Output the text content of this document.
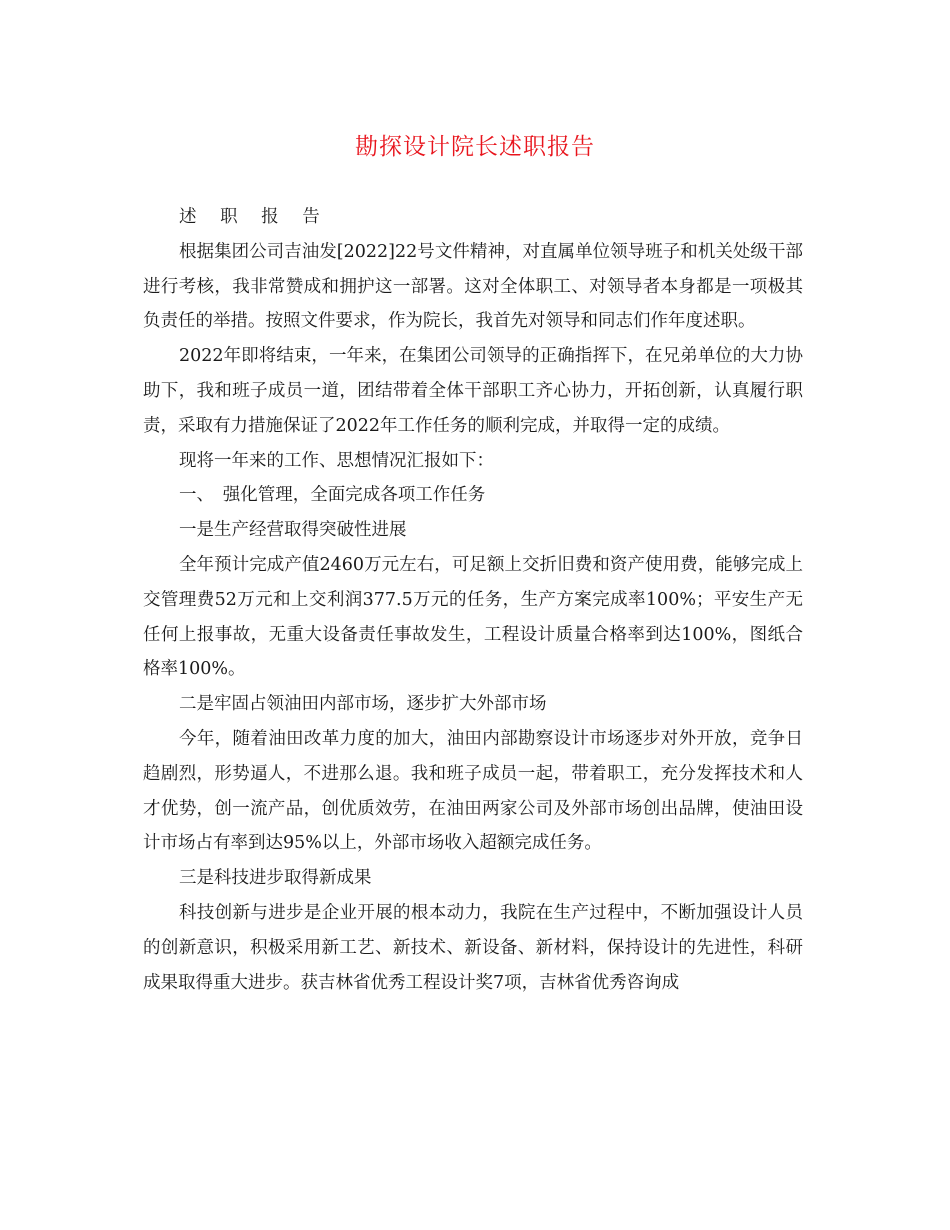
勘探设计院长述职报告

述 职 报 告

根据集团公司吉油发[2022]22号文件精神，对直属单位领导班子和机关处级干部进行考核，我非常赞成和拥护这一部署。这对全体职工、对领导者本身都是一项极其负责任的举措。按照文件要求，作为院长，我首先对领导和同志们作年度述职。

2022年即将结束，一年来，在集团公司领导的正确指挥下，在兄弟单位的大力协助下，我和班子成员一道，团结带着全体干部职工齐心协力，开拓创新，认真履行职责，采取有力措施保证了2022年工作任务的顺利完成，并取得一定的成绩。

现将一年来的工作、思想情况汇报如下：

一、　强化管理，全面完成各项工作任务

一是生产经营取得突破性进展

全年预计完成产值2460万元左右，可足额上交折旧费和资产使用费，能够完成上交管理费52万元和上交利润377.5万元的任务，生产方案完成率100%；平安生产无任何上报事故，无重大设备责任事故发生，工程设计质量合格率到达100%，图纸合格率100%。

二是牢固占领油田内部市场，逐步扩大外部市场

今年，随着油田改革力度的加大，油田内部勘察设计市场逐步对外开放，竞争日趋剧烈，形势逼人，不进那么退。我和班子成员一起，带着职工，充分发挥技术和人才优势，创一流产品，创优质效劳，在油田两家公司及外部市场创出品牌，使油田设计市场占有率到达95%以上，外部市场收入超额完成任务。

三是科技进步取得新成果

科技创新与进步是企业开展的根本动力，我院在生产过程中，不断加强设计人员的创新意识，积极采用新工艺、新技术、新设备、新材料，保持设计的先进性，科研成果取得重大进步。获吉林省优秀工程设计奖7项，吉林省优秀咨询成
